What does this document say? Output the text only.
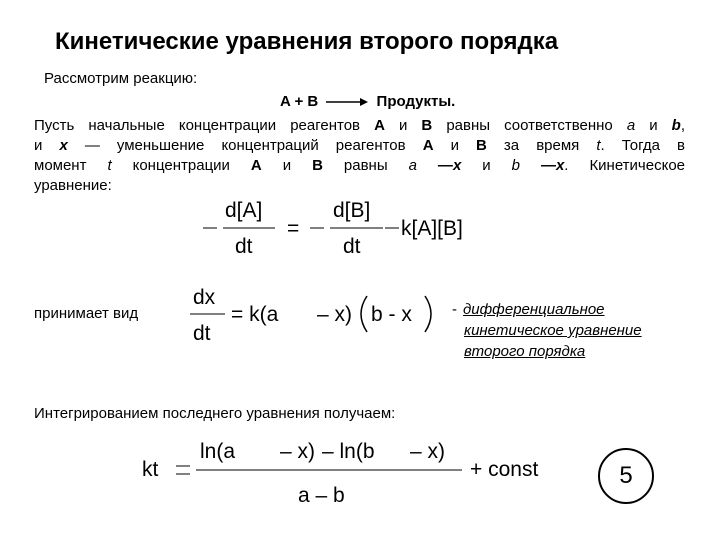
Кинетические уравнения второго порядка
Рассмотрим реакцию:
A + B	Продукты.
Пусть начальные концентрации реагентов A и B равны соответственно a и b,
и x — уменьшение концентраций реагентов A и B за время t. Тогда в
момент t концентрации A и B равны a —x и b —x. Кинетическое
уравнение:
d[A]
dt
=
d[B]
dt
k[A][B]
принимает вид
dx
dt
= k(a – x) b - x	- дифференциальное
кинетическое уравнение
второго порядка
Интегрированием последнего уравнения получаем:
kt
ln(a – x) – ln(b – x)
a – b
+ const	5
